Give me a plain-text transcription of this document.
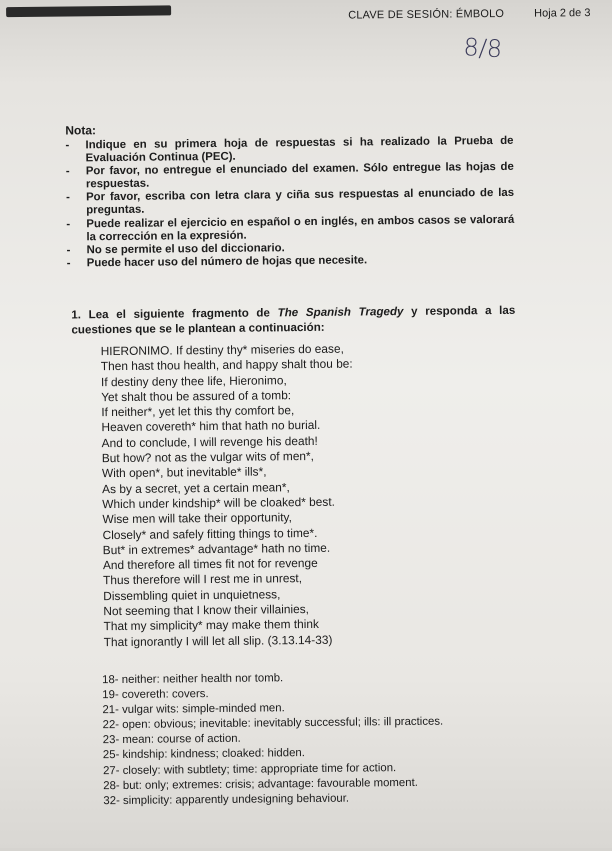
CLAVE DE SESIÓN: ÉMBOLO	Hoja 2 de 3
8/8
Nota:
- Indique en su primera hoja de respuestas si ha realizado la Prueba de Evaluación Continua (PEC).
- Por favor, no entregue el enunciado del examen. Sólo entregue las hojas de respuestas.
- Por favor, escriba con letra clara y ciña sus respuestas al enunciado de las preguntas.
- Puede realizar el ejercicio en español o en inglés, en ambos casos se valorará la corrección en la expresión.
- No se permite el uso del diccionario.
- Puede hacer uso del número de hojas que necesite.
1. Lea el siguiente fragmento de The Spanish Tragedy y responda a las cuestiones que se le plantean a continuación:
HIERONIMO. If destiny thy* miseries do ease,
Then hast thou health, and happy shalt thou be:
If destiny deny thee life, Hieronimo,
Yet shalt thou be assured of a tomb:
If neither*, yet let this thy comfort be,
Heaven covereth* him that hath no burial.
And to conclude, I will revenge his death!
But how? not as the vulgar wits of men*,
With open*, but inevitable* ills*,
As by a secret, yet a certain mean*,
Which under kindship* will be cloaked* best.
Wise men will take their opportunity,
Closely* and safely fitting things to time*.
But* in extremes* advantage* hath no time.
And therefore all times fit not for revenge
Thus therefore will I rest me in unrest,
Dissembling quiet in unquietness,
Not seeming that I know their villainies,
That my simplicity* may make them think
That ignorantly I will let all slip. (3.13.14-33)
18- neither: neither health nor tomb.
19- covereth: covers.
21- vulgar wits: simple-minded men.
22- open: obvious; inevitable: inevitably successful; ills: ill practices.
23- mean: course of action.
25- kindship: kindness; cloaked: hidden.
27- closely: with subtlety; time: appropriate time for action.
28- but: only; extremes: crisis; advantage: favourable moment.
32- simplicity: apparently undesigning behaviour.
